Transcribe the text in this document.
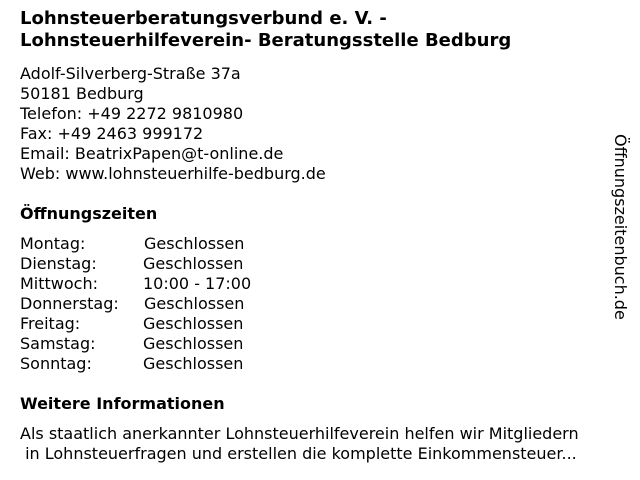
Lohnsteuerberatungsverbund e. V. -Lohnsteuerhilfeverein- Beratungsstelle Bedburg
Adolf-Silverberg-Straße 37a
50181 Bedburg
Telefon: +49 2272 9810980
Fax: +49 2463 999172
Email: BeatrixPapen@t-online.de
Web: www.lohnsteuerhilfe-bedburg.de
Öffnungszeiten
Montag:	Geschlossen
Dienstag:	Geschlossen
Mittwoch:	10:00 - 17:00
Donnerstag: Geschlossen
Freitag:	Geschlossen
Samstag:	Geschlossen
Sonntag:	Geschlossen
Weitere Informationen
Als staatlich anerkannter Lohnsteuerhilfeverein helfen wir Mitgliedern
in Lohnsteuerfragen und erstellen die komplette Einkommensteuer...
Öffnungszeitenbuch.de
